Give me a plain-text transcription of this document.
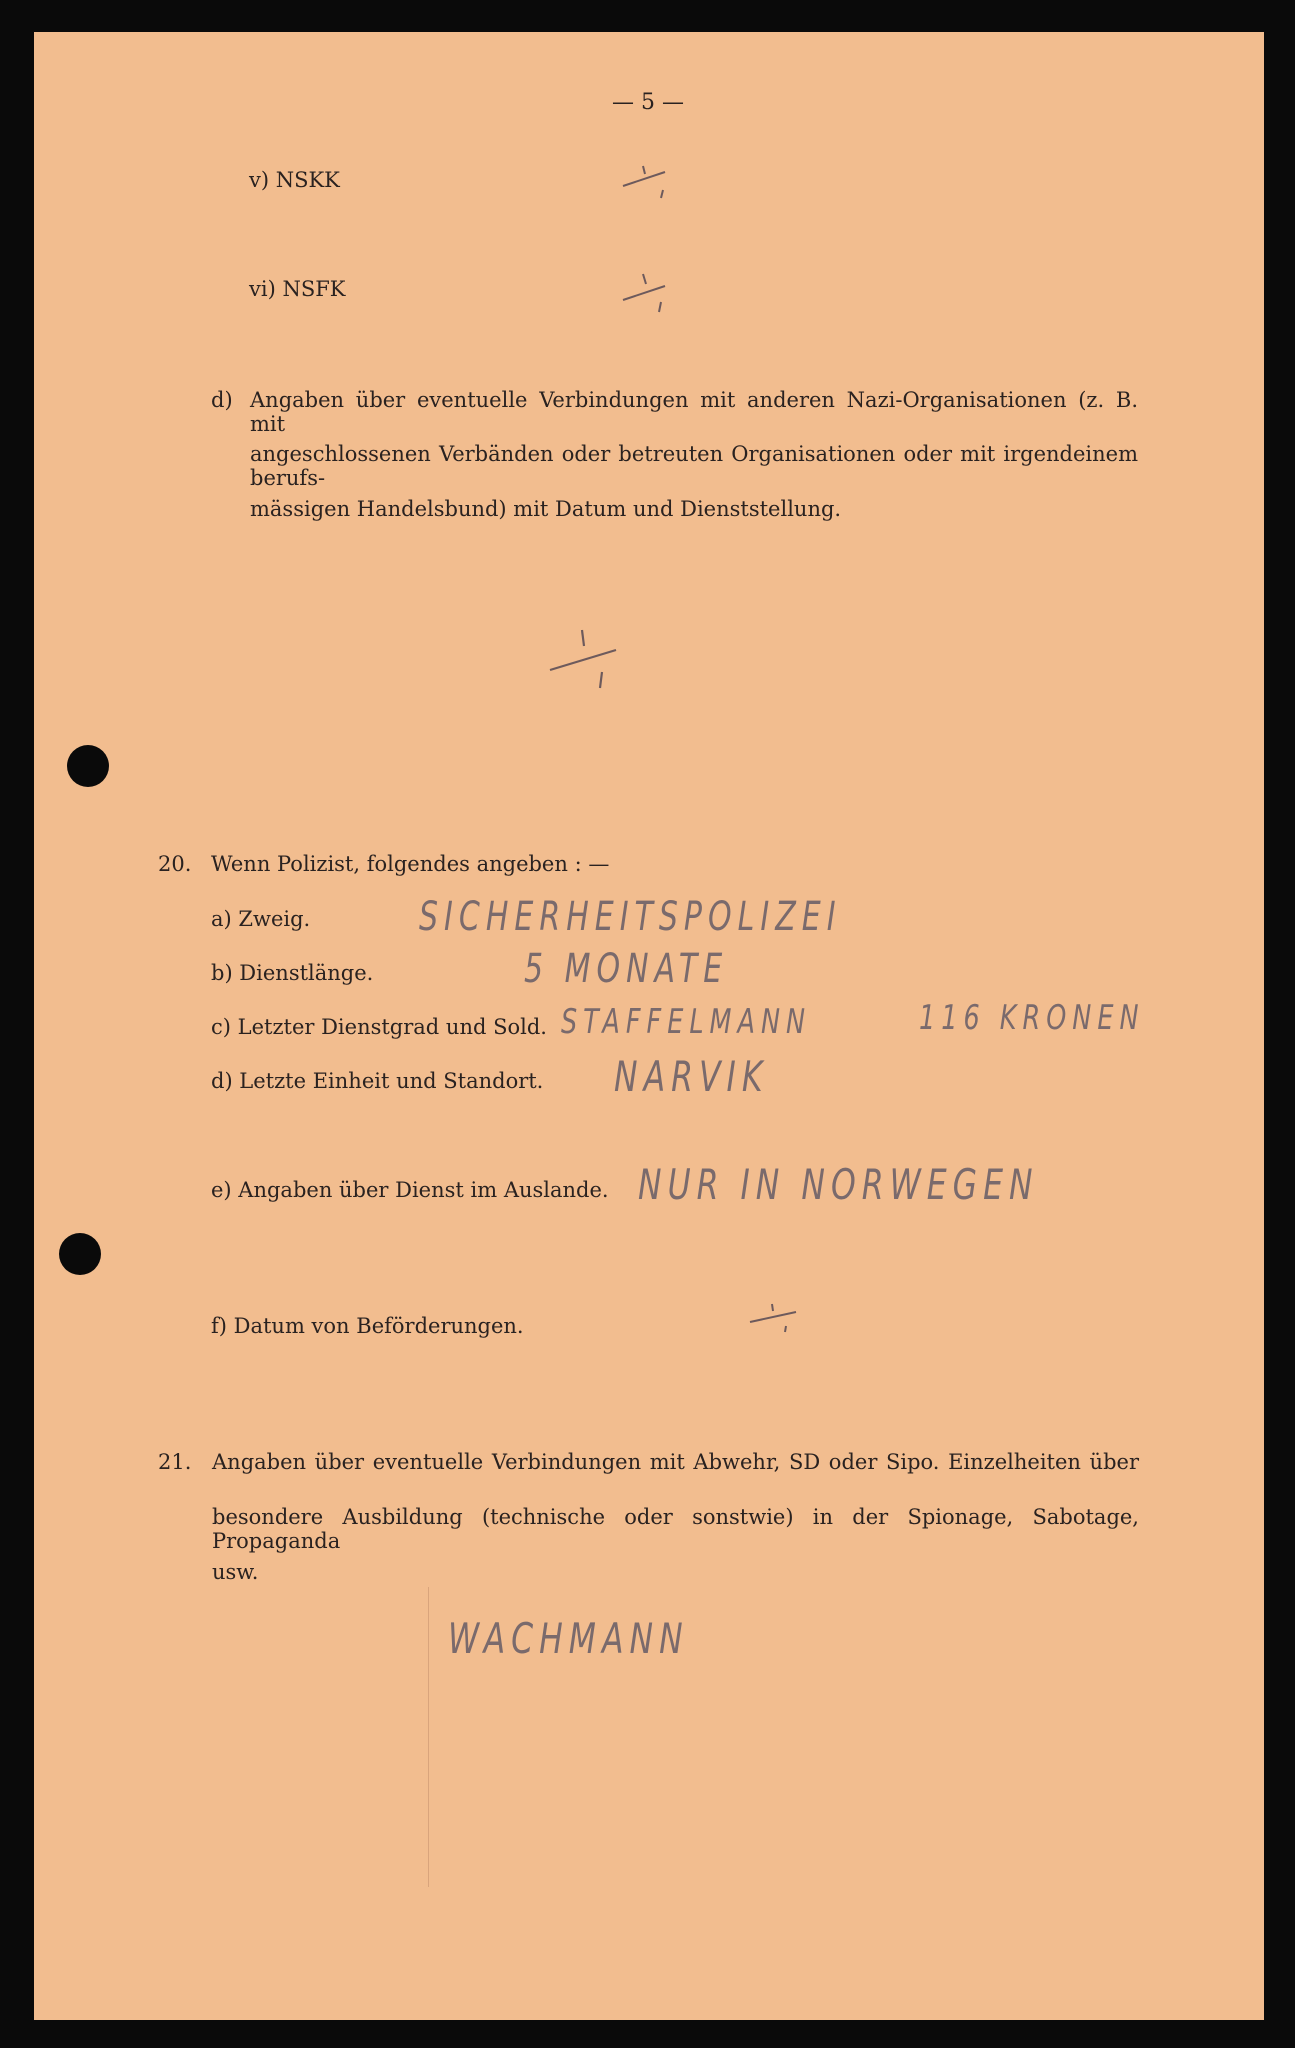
— 5 —
v) NSKK
vi) NSFK
d) Angaben über eventuelle Verbindungen mit anderen Nazi-Organisationen (z. B. mit
angeschlossenen Verbänden oder betreuten Organisationen oder mit irgendeinem berufs-
mässigen Handelsbund) mit Datum und Dienststellung.
20. Wenn Polizist, folgendes angeben : —
a) Zweig.	SICHERHEITSPOLIZEI
b) Dienstlänge.	5 MONATE
c) Letzter Dienstgrad und Sold. STAFFELMANN	116 KRONEN
d) Letzte Einheit und Standort. NARVIK
e) Angaben über Dienst im Auslande. NUR IN NORWEGEN
f) Datum von Beförderungen.
21. Angaben über eventuelle Verbindungen mit Abwehr, SD oder Sipo. Einzelheiten über
besondere Ausbildung (technische oder sonstwie) in der Spionage, Sabotage, Propaganda
usw.
WACHMANN
